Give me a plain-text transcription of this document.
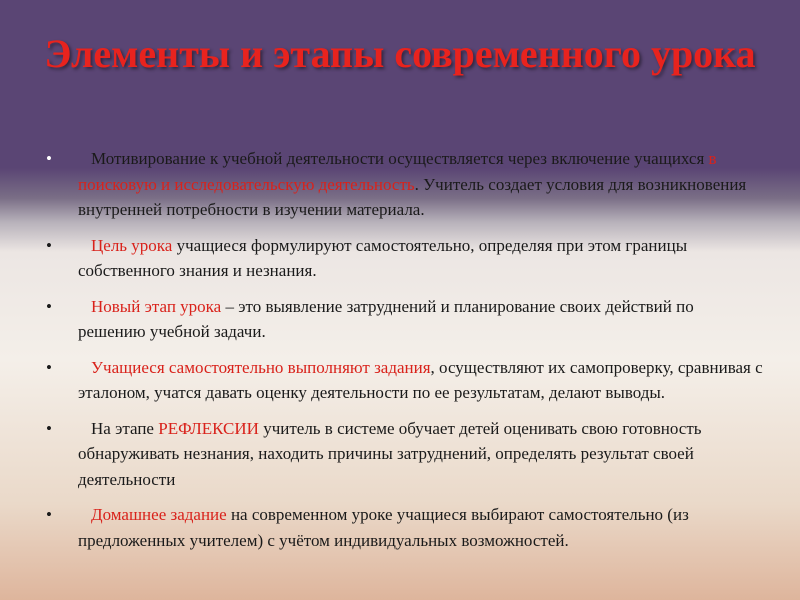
Элементы и этапы современного урока
•	Мотивирование к учебной деятельности осуществляется через включение учащихся в поисковую и исследовательскую деятельность. Учитель создает условия для возникновения внутренней потребности в изучении материала.
•	Цель урока учащиеся формулируют самостоятельно, определяя при этом границы собственного знания и незнания.
•	Новый этап урока – это выявление затруднений и планирование своих действий по решению учебной задачи.
•	Учащиеся самостоятельно выполняют задания, осуществляют их самопроверку, сравнивая с эталоном, учатся давать оценку деятельности по ее результатам, делают выводы.
•	На этапе РЕФЛЕКСИИ учитель в системе обучает детей оценивать свою готовность обнаруживать незнания, находить причины затруднений, определять результат своей деятельности
•	Домашнее задание на современном уроке учащиеся выбирают самостоятельно (из предложенных учителем) с учётом индивидуальных возможностей.
